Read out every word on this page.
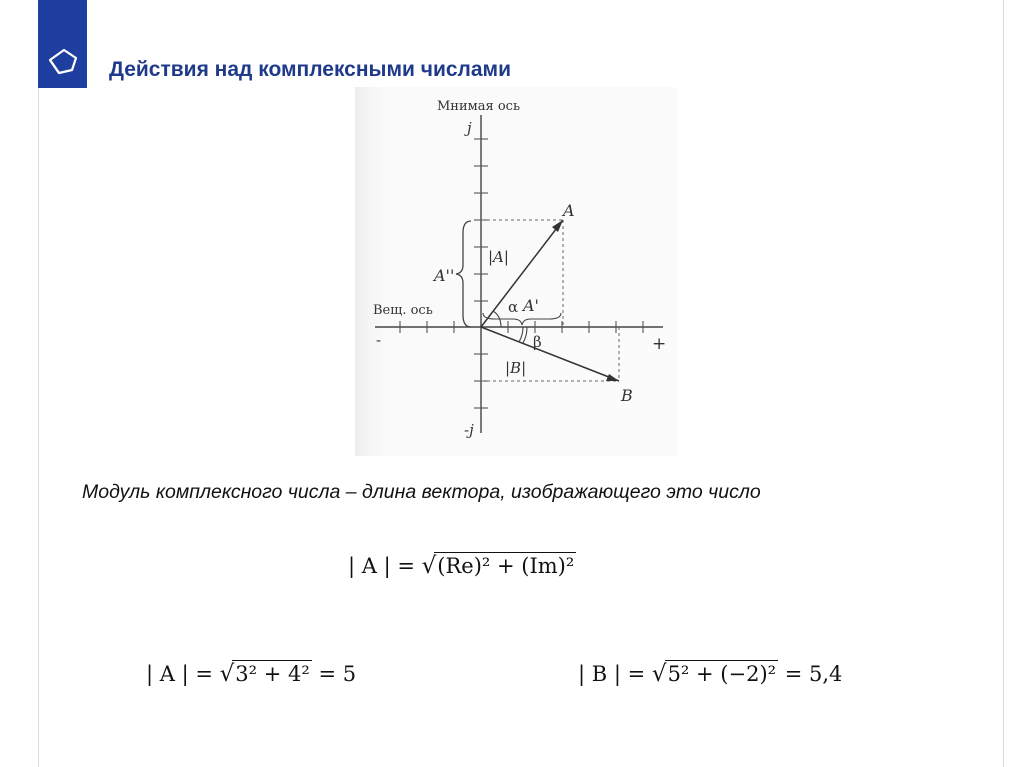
Действия над комплексными числами
Мнимая ось
Вещ. ось
j
-j
-	+
A
B
A''
A'
α
β
|A|
|B|

Модуль комплексного числа – длина вектора, изображающего это число

| A | = √(Re)² + (Im)²
| A | = √3² + 4² = 5	| B | = √5² + (−2)² = 5,4
